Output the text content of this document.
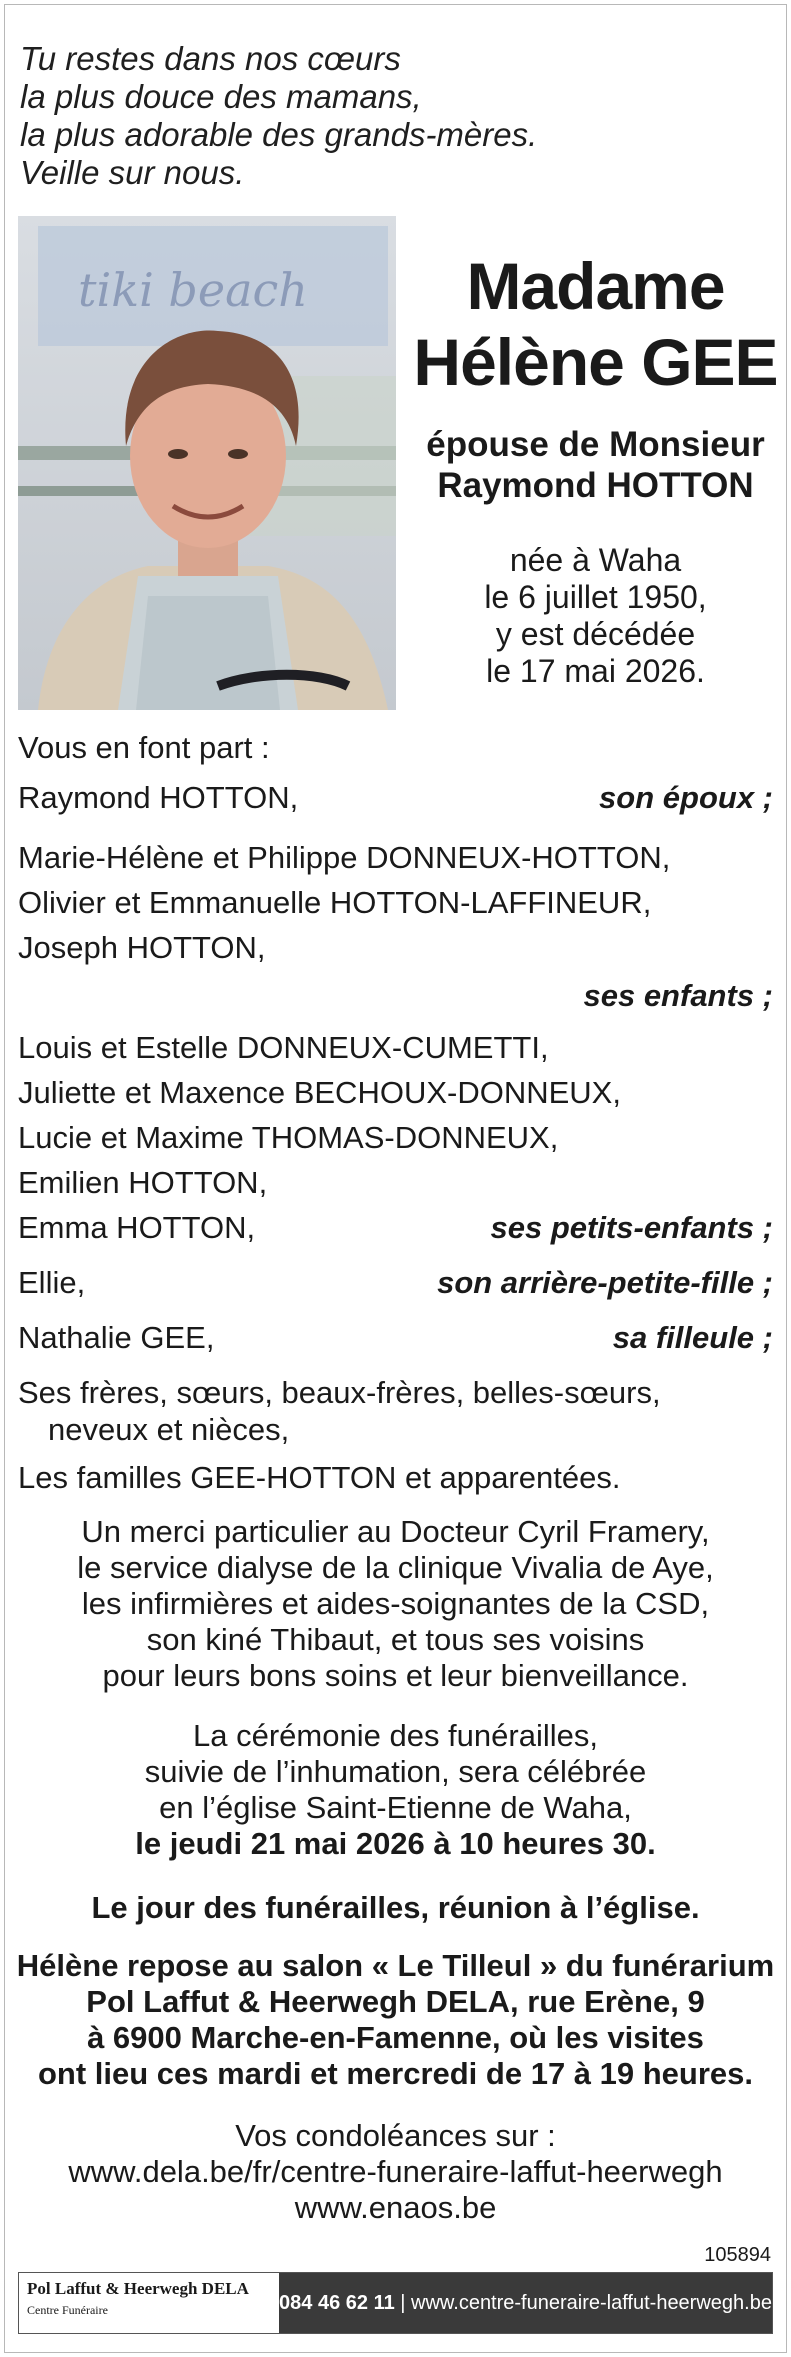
Tu restes dans nos cœurs
la plus douce des mamans,
la plus adorable des grands-mères.
Veille sur nous.
tiki beach	Madame
Hélène GEE
épouse de Monsieur
Raymond HOTTON
née à Waha
le 6 juillet 1950,
y est décédée
le 17 mai 2026.
Vous en font part :
Raymond HOTTON,	son époux ;
Marie-Hélène et Philippe DONNEUX-HOTTON,
Olivier et Emmanuelle HOTTON-LAFFINEUR,
Joseph HOTTON,
ses enfants ;
Louis et Estelle DONNEUX-CUMETTI,
Juliette et Maxence BECHOUX-DONNEUX,
Lucie et Maxime THOMAS-DONNEUX,
Emilien HOTTON,
Emma HOTTON,	ses petits-enfants ;
Ellie,	son arrière-petite-fille ;
Nathalie GEE,	sa filleule ;
Ses frères, sœurs, beaux-frères, belles-sœurs,
neveux et nièces,
Les familles GEE-HOTTON et apparentées.
Un merci particulier au Docteur Cyril Framery,
le service dialyse de la clinique Vivalia de Aye,
les infirmières et aides-soignantes de la CSD,
son kiné Thibaut, et tous ses voisins
pour leurs bons soins et leur bienveillance.
La cérémonie des funérailles,
suivie de l’inhumation, sera célébrée
en l’église Saint-Etienne de Waha,
le jeudi 21 mai 2026 à 10 heures 30.
Le jour des funérailles, réunion à l’église.
Hélène repose au salon « Le Tilleul » du funérarium
Pol Laffut & Heerwegh DELA, rue Erène, 9
à 6900 Marche-en-Famenne, où les visites
ont lieu ces mardi et mercredi de 17 à 19 heures.
Vos condoléances sur :
www.dela.be/fr/centre-funeraire-laffut-heerwegh
www.enaos.be
105894
Pol Laffut & Heerwegh DELA
Centre Funéraire	084 46 62 11 | www.centre-funeraire-laffut-heerwegh.be
